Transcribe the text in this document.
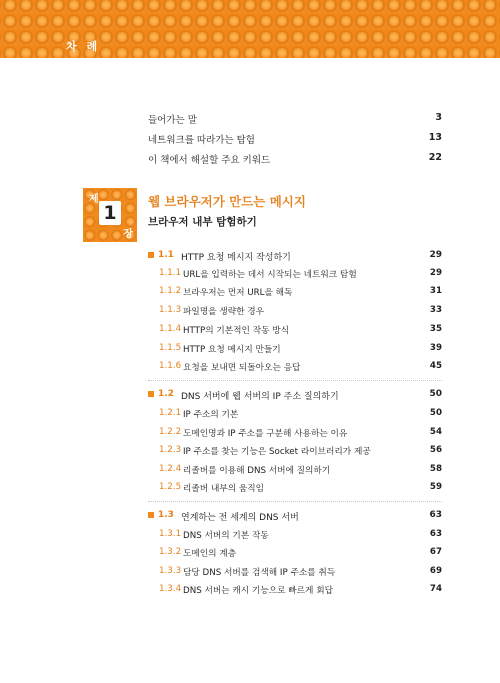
차 례
들어가는 말	3
네트워크를 따라가는 탐험	13
이 책에서 해설할 주요 키워드	22
제
1
장
웹 브라우저가 만드는 메시지
브라우저 내부 탐험하기
1.1 HTTP 요청 메시지 작성하기	29
1.1.1 URL을 입력하는 데서 시작되는 네트워크 탐험	29
1.1.2 브라우저는 먼저 URL을 해독	31
1.1.3 파일명을 생략한 경우	33
1.1.4 HTTP의 기본적인 작동 방식	35
1.1.5 HTTP 요청 메시지 만들기	39
1.1.6 요청을 보내면 되돌아오는 응답	45
1.2 DNS 서버에 웹 서버의 IP 주소 질의하기	50
1.2.1 IP 주소의 기본	50
1.2.2 도메인명과 IP 주소를 구분해 사용하는 이유	54
1.2.3 IP 주소를 찾는 기능은 Socket 라이브러리가 제공	56
1.2.4 리졸버를 이용해 DNS 서버에 질의하기	58
1.2.5 리졸버 내부의 움직임	59
1.3 연계하는 전 세계의 DNS 서버	63
1.3.1 DNS 서버의 기본 작동	63
1.3.2 도메인의 계층	67
1.3.3 담당 DNS 서버를 검색해 IP 주소를 취득	69
1.3.4 DNS 서버는 캐시 기능으로 빠르게 회답	74
